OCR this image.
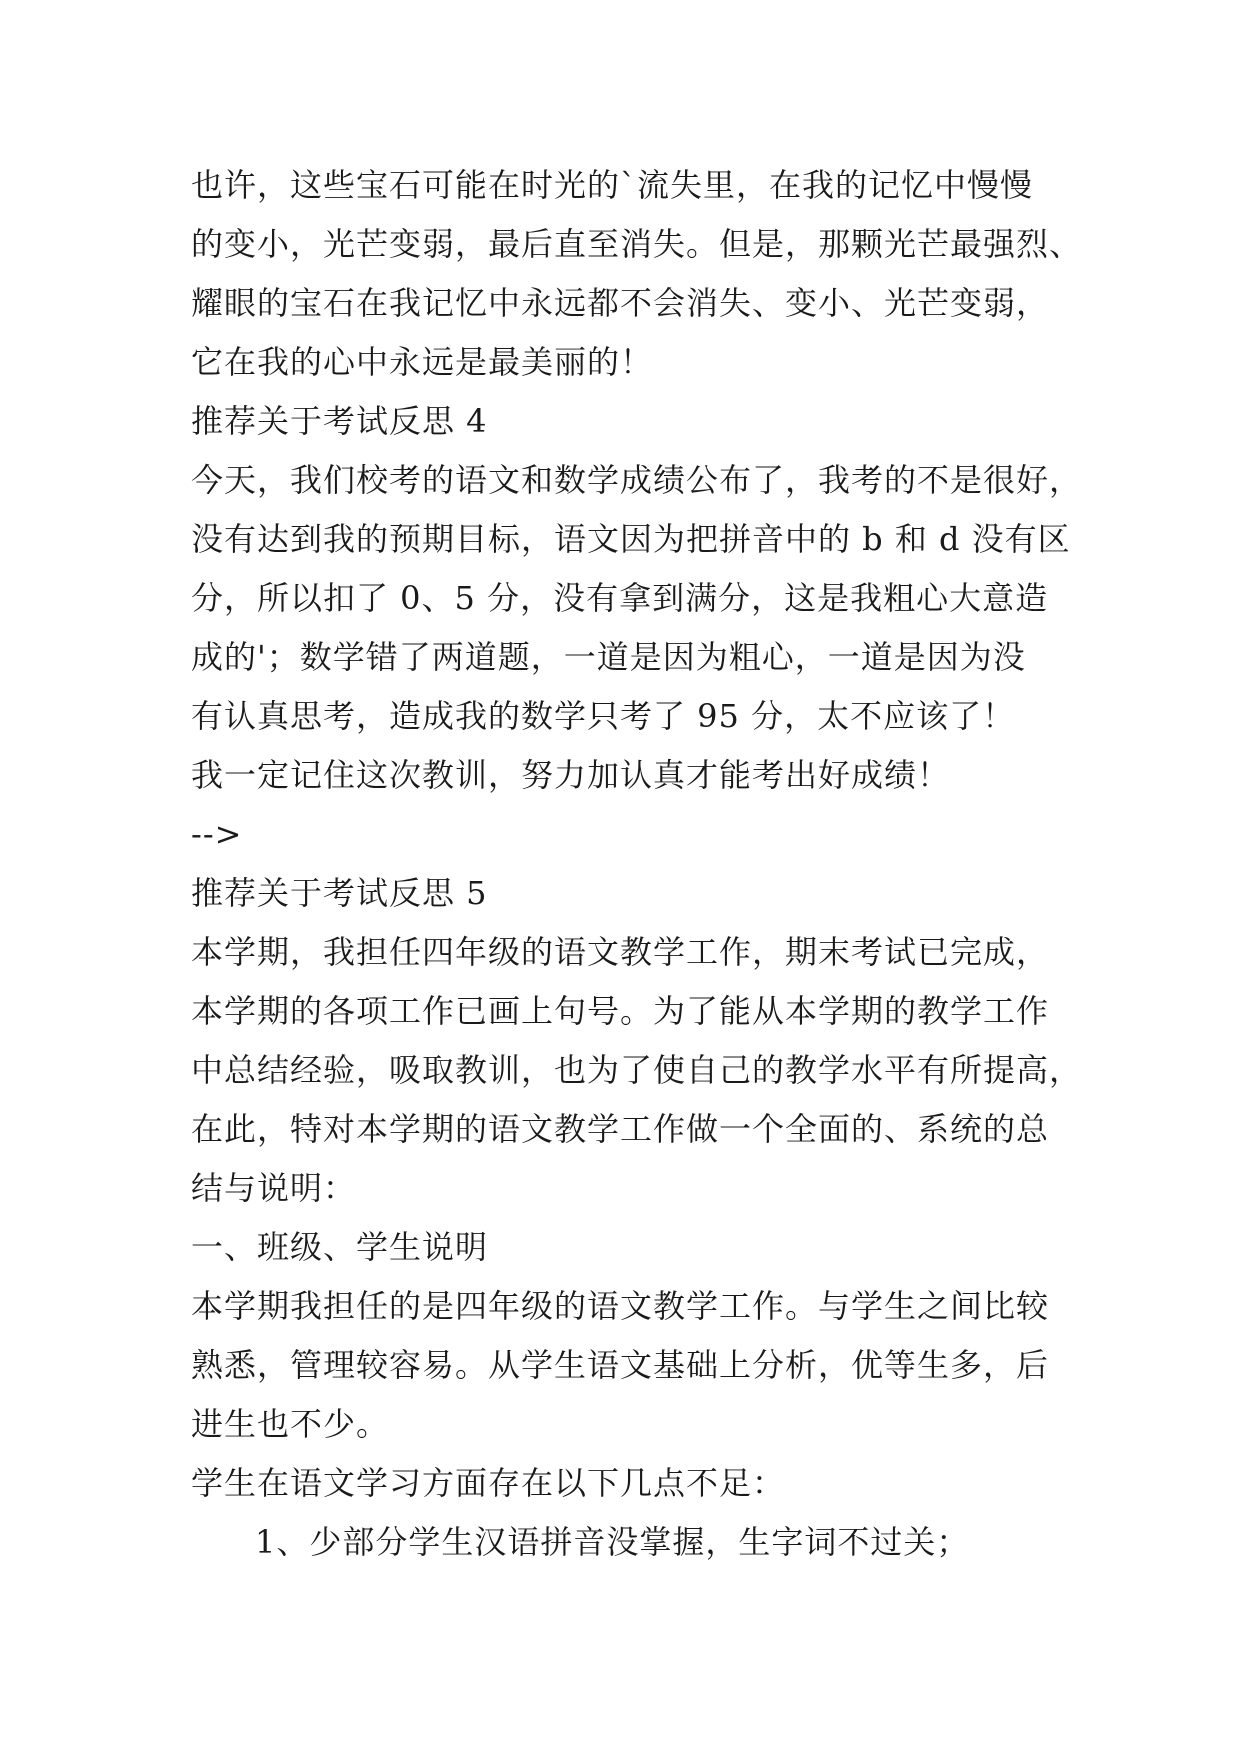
也许，这些宝石可能在时光的`流失里，在我的记忆中慢慢
的变小，光芒变弱，最后直至消失。但是，那颗光芒最强烈、
耀眼的宝石在我记忆中永远都不会消失、变小、光芒变弱，
它在我的心中永远是最美丽的！
推荐关于考试反思 4
今天，我们校考的语文和数学成绩公布了，我考的不是很好，
没有达到我的预期目标，语文因为把拼音中的 b 和 d 没有区
分，所以扣了 0、5 分，没有拿到满分，这是我粗心大意造
成的'；数学错了两道题，一道是因为粗心，一道是因为没
有认真思考，造成我的数学只考了 95 分，太不应该了！
我一定记住这次教训，努力加认真才能考出好成绩！
-->
推荐关于考试反思 5
本学期，我担任四年级的语文教学工作，期末考试已完成，
本学期的各项工作已画上句号。为了能从本学期的教学工作
中总结经验，吸取教训，也为了使自己的教学水平有所提高，
在此，特对本学期的语文教学工作做一个全面的、系统的总
结与说明：
一、班级、学生说明
本学期我担任的是四年级的语文教学工作。与学生之间比较
熟悉，管理较容易。从学生语文基础上分析，优等生多，后
进生也不少。
学生在语文学习方面存在以下几点不足：
1、少部分学生汉语拼音没掌握，生字词不过关；
